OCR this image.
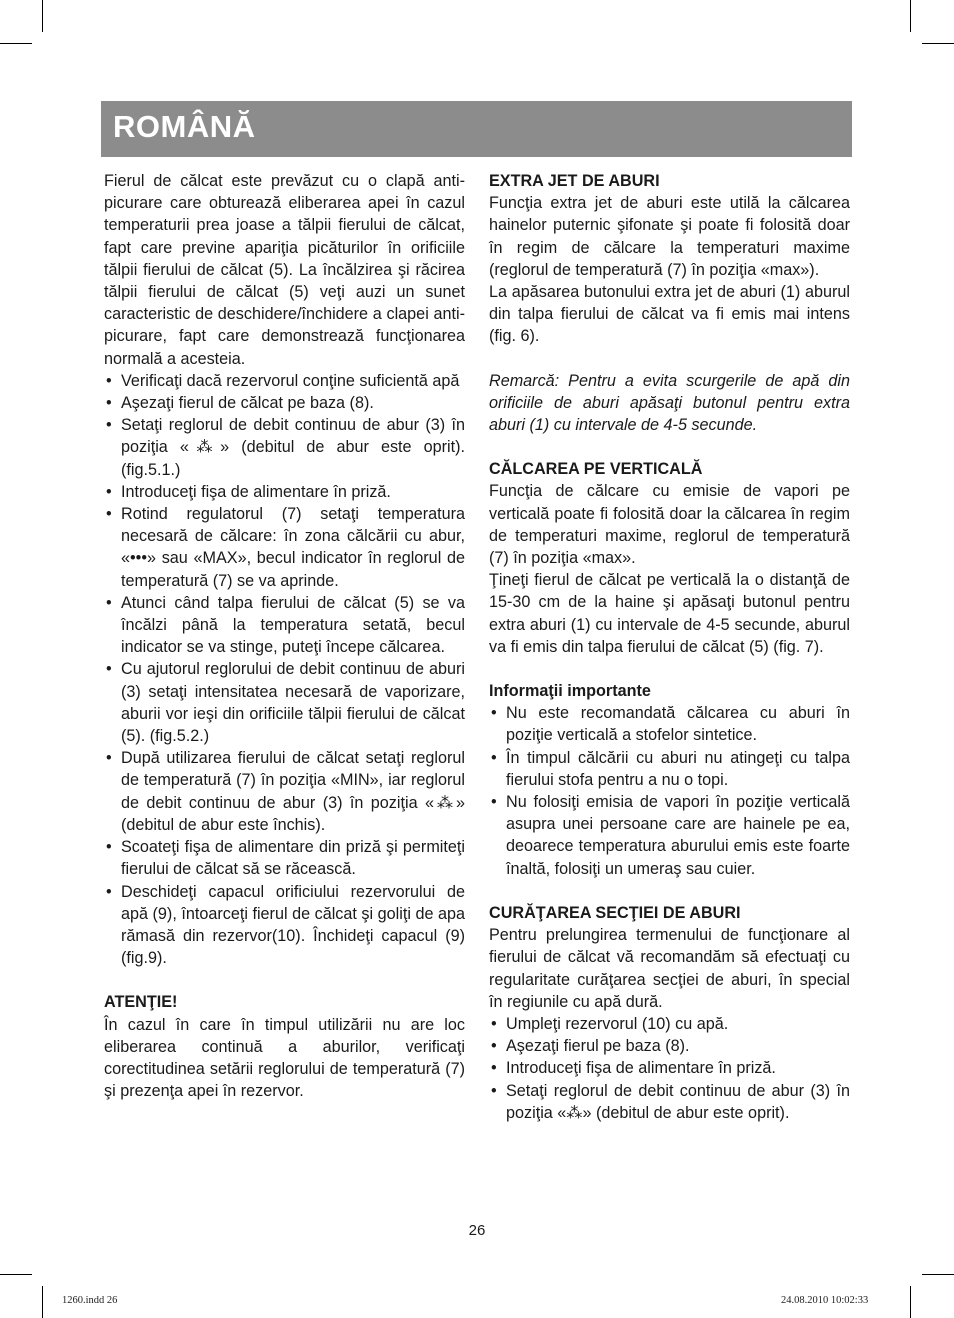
ROMÂNĂ

Fierul de călcat este prevăzut cu o clapă anti-picurare care obturează eliberarea apei în cazul temperaturii prea joase a tălpii fierului de călcat, fapt care previne apariţia picăturilor în orificiile tălpii fierului de călcat (5). La încălzirea şi răcirea tălpii fierului de călcat (5) veţi auzi un sunet caracteristic de deschidere/închidere a clapei anti-picurare, fapt care demonstrează funcţionarea normală a acesteia.

• Verificaţi dacă rezervorul conţine suficientă apă
• Aşezaţi fierul de călcat pe baza (8).
• Setaţi reglorul de debit continuu de abur (3) în poziţia «⁂» (debitul de abur este oprit). (fig.5.1.)
• Introduceţi fişa de alimentare în priză.
• Rotind regulatorul (7) setaţi temperatura necesară de călcare: în zona călcării cu abur, «•••» sau «MAX», becul indicator în reglorul de temperatură (7) se va aprinde.
• Atunci când talpa fierului de călcat (5) se va încălzi până la temperatura setată, becul indicator se va stinge, puteţi începe călcarea.
• Cu ajutorul reglorului de debit continuu de aburi (3) setaţi intensitatea necesară de vaporizare, aburii vor ieşi din orificiile tălpii fierului de călcat (5). (fig.5.2.)
• După utilizarea fierului de călcat setaţi reglorul de temperatură (7) în poziţia «MIN», iar reglorul de debit continuu de abur (3) în poziţia «⁂» (debitul de abur este închis).
• Scoateţi fişa de alimentare din priză şi permiteţi fierului de călcat să se răcească.
• Deschideţi capacul orificiului rezervorului de apă (9), întoarceţi fierul de călcat şi goliţi de apa rămasă din rezervor(10). Închideţi capacul (9) (fig.9).

ATENŢIE!

În cazul în care în timpul utilizării nu are loc eliberarea continuă a aburilor, verificaţi corectitudinea setării reglorului de temperatură (7) şi prezenţa apei în rezervor.

EXTRA JET DE ABURI

Funcţia extra jet de aburi este utilă la călcarea hainelor puternic şifonate şi poate fi folosită doar în regim de călcare la temperaturi maxime (reglorul de temperatură (7) în poziţia «max»).

La apăsarea butonului extra jet de aburi (1) aburul din talpa fierului de călcat va fi emis mai intens (fig. 6).

Remarcă: Pentru a evita scurgerile de apă din orificiile de aburi apăsaţi butonul pentru extra aburi (1) cu intervale de 4-5 secunde.

CĂLCAREA PE VERTICALĂ

Funcţia de călcare cu emisie de vapori pe verticală poate fi folosită doar la călcarea în regim de temperaturi maxime, reglorul de temperatură (7) în poziţia «max».

Ţineţi fierul de călcat pe verticală la o distanţă de 15-30 cm de la haine şi apăsaţi butonul pentru extra aburi (1) cu intervale de 4-5 secunde, aburul va fi emis din talpa fierului de călcat (5) (fig. 7).

Informaţii importante

• Nu este recomandată călcarea cu aburi în poziţie verticală a stofelor sintetice.
• În timpul călcării cu aburi nu atingeţi cu talpa fierului stofa pentru a nu o topi.
• Nu folosiţi emisia de vapori în poziţie verticală asupra unei persoane care are hainele pe ea, deoarece temperatura aburului emis este foarte înaltă, folosiţi un umeraş sau cuier.

CURĂŢAREA SECŢIEI DE ABURI

Pentru prelungirea termenului de funcţionare al fierului de călcat vă recomandăm să efectuaţi cu regularitate curăţarea secţiei de aburi, în special în regiunile cu apă dură.

• Umpleţi rezervorul (10) cu apă.
• Aşezaţi fierul pe baza (8).
• Introduceţi fişa de alimentare în priză.
• Setaţi reglorul de debit continuu de abur (3) în poziţia «⁂» (debitul de abur este oprit).
26
1260.indd 26	24.08.2010 10:02:33
